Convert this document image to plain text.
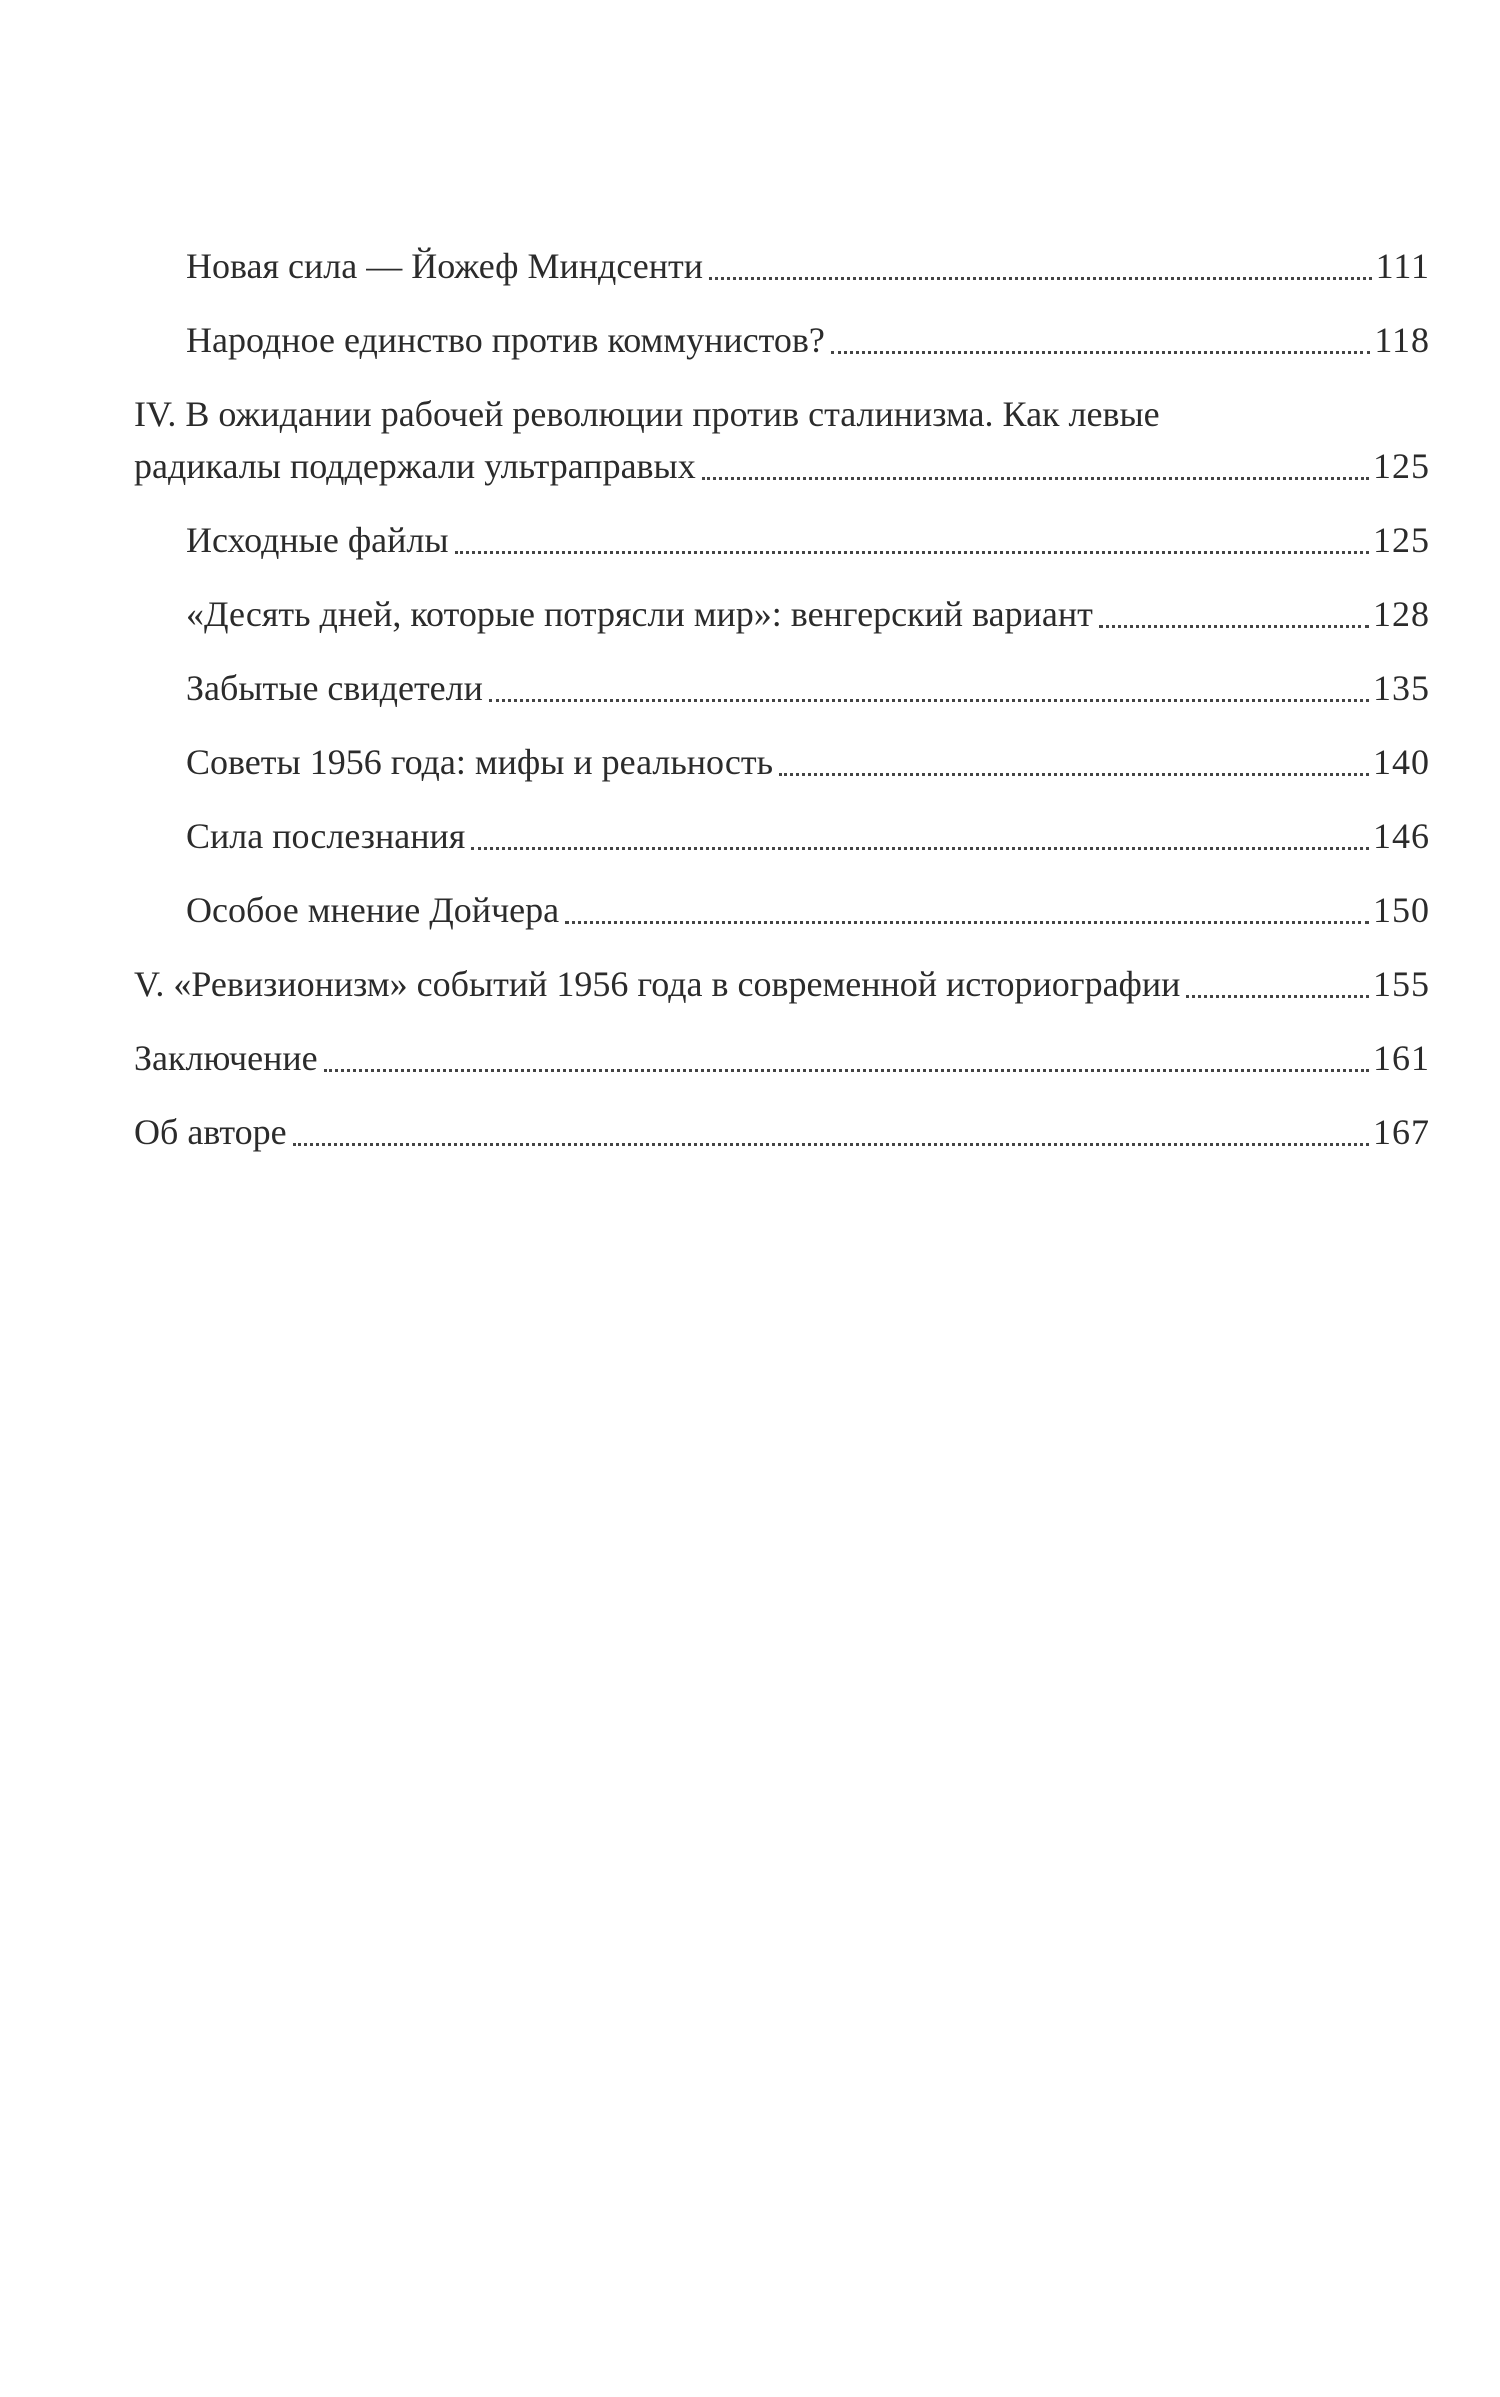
Новая сила — Йожеф Миндсенти	111
Народное единство против коммунистов?	118
IV. В ожидании рабочей революции против сталинизма. Как левые
радикалы поддержали ультраправых	125
Исходные файлы	125
«Десять дней, которые потрясли мир»: венгерский вариант	128
Забытые свидетели	135
Советы 1956 года: мифы и реальность	140
Сила послезнания	146
Особое мнение Дойчера	150
V. «Ревизионизм» событий 1956 года в современной историографии	155
Заключение	161
Об авторе	167
